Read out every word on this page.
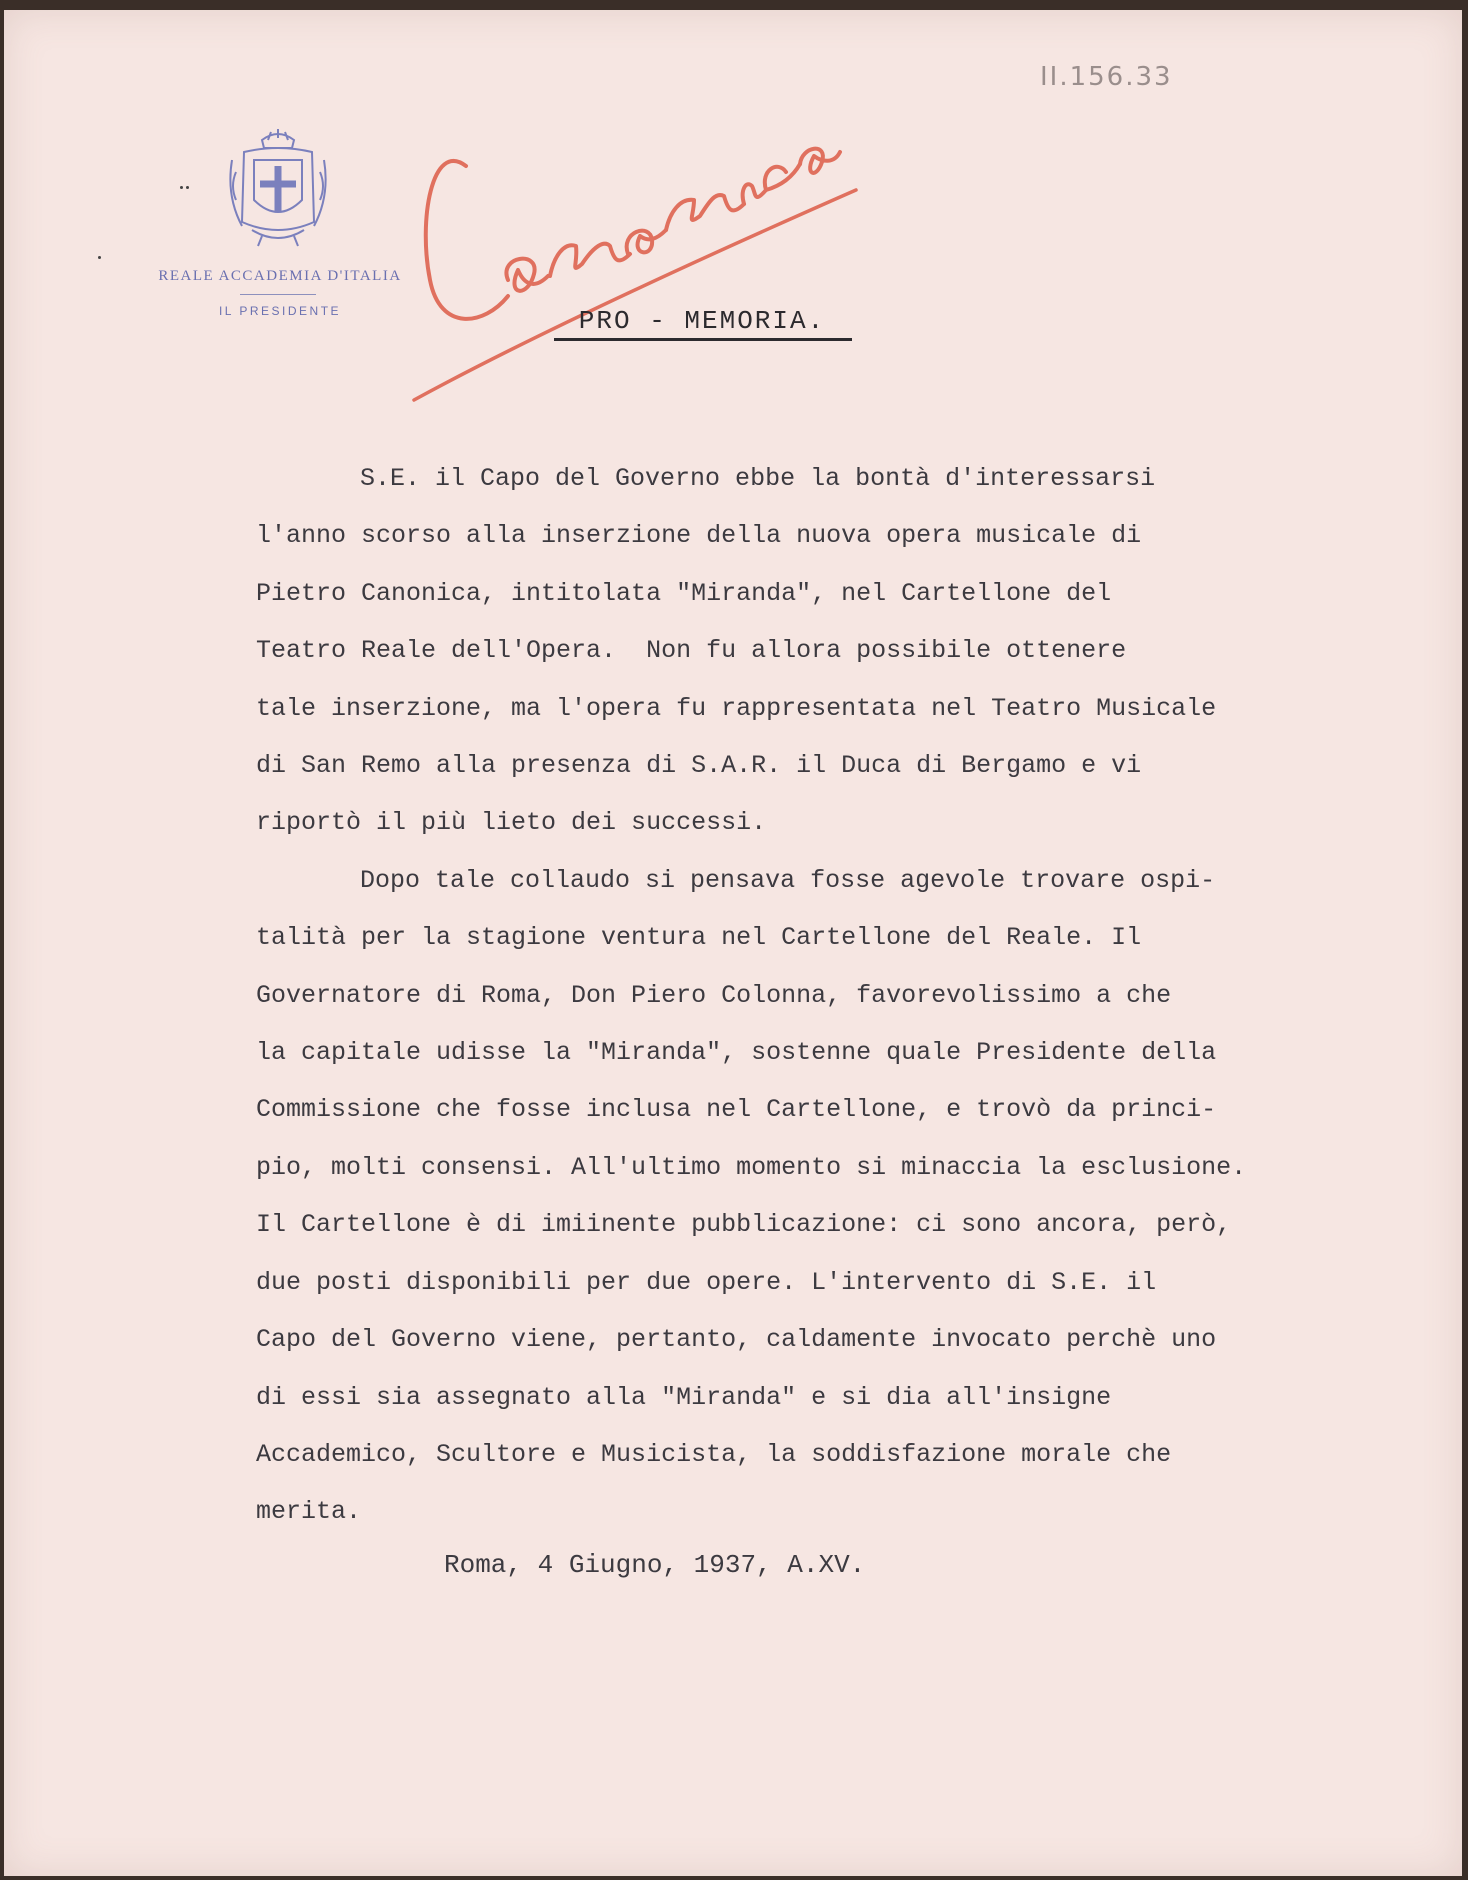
II.156.33
REALE ACCADEMIA D'ITALIA
IL PRESIDENTE	PRO - MEMORIA.

S.E. il Capo del Governo ebbe la bontà d'interessarsi
l'anno scorso alla inserzione della nuova opera musicale di
Pietro Canonica, intitolata "Miranda", nel Cartellone del
Teatro Reale dell'Opera.  Non fu allora possibile ottenere
tale inserzione, ma l'opera fu rappresentata nel Teatro Musicale
di San Remo alla presenza di S.A.R. il Duca di Bergamo e vi
riportò il più lieto dei successi.

Dopo tale collaudo si pensava fosse agevole trovare ospi-
talità per la stagione ventura nel Cartellone del Reale. Il
Governatore di Roma, Don Piero Colonna, favorevolissimo a che
la capitale udisse la "Miranda", sostenne quale Presidente della
Commissione che fosse inclusa nel Cartellone, e trovò da princi-
pio, molti consensi. All'ultimo momento si minaccia la esclusione.
Il Cartellone è di imiinente pubblicazione: ci sono ancora, però,
due posti disponibili per due opere. L'intervento di S.E. il
Capo del Governo viene, pertanto, caldamente invocato perchè uno
di essi sia assegnato alla "Miranda" e si dia all'insigne
Accademico, Scultore e Musicista, la soddisfazione morale che
merita.

Roma, 4 Giugno, 1937, A.XV.
